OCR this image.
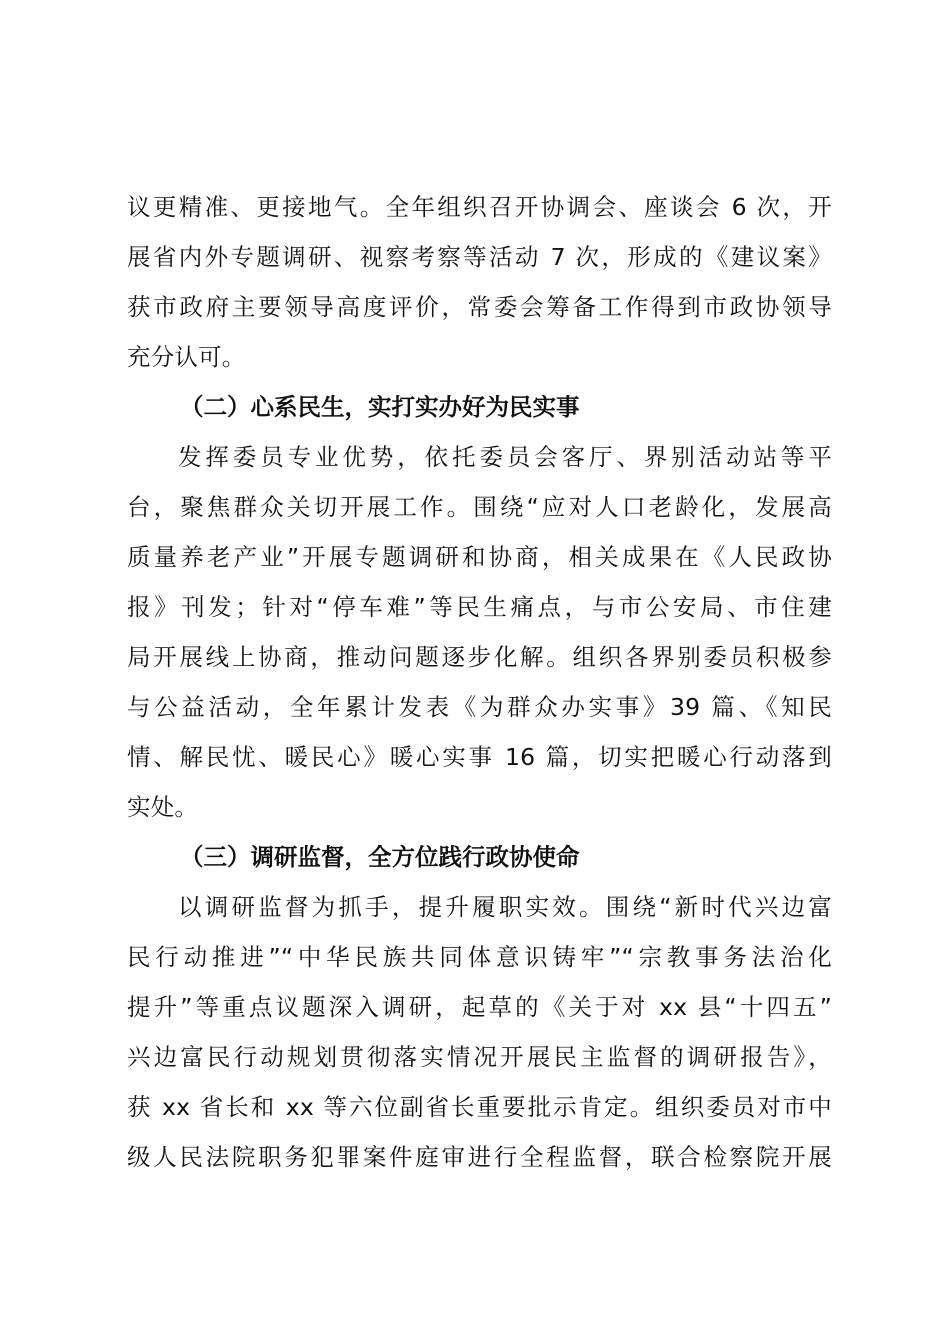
议更精准、更接地气。全年组织召开协调会、座谈会 6 次，开
展省内外专题调研、视察考察等活动 7 次，形成的《建议案》
获市政府主要领导高度评价，常委会筹备工作得到市政协领导
充分认可。
（二）心系民生，实打实办好为民实事
发挥委员专业优势，依托委员会客厅、界别活动站等平
台，聚焦群众关切开展工作。围绕“应对人口老龄化，发展高
质量养老产业”开展专题调研和协商，相关成果在《人民政协
报》刊发；针对“停车难”等民生痛点，与市公安局、市住建
局开展线上协商，推动问题逐步化解。组织各界别委员积极参
与公益活动，全年累计发表《为群众办实事》39 篇、《知民
情、解民忧、暖民心》暖心实事 16 篇，切实把暖心行动落到
实处。
（三）调研监督，全方位践行政协使命
以调研监督为抓手，提升履职实效。围绕“新时代兴边富
民行动推进”“中华民族共同体意识铸牢”“宗教事务法治化
提升”等重点议题深入调研，起草的《关于对 xx 县“十四五”
兴边富民行动规划贯彻落实情况开展民主监督的调研报告》，
获 xx 省长和 xx 等六位副省长重要批示肯定。组织委员对市中
级人民法院职务犯罪案件庭审进行全程监督，联合检察院开展
